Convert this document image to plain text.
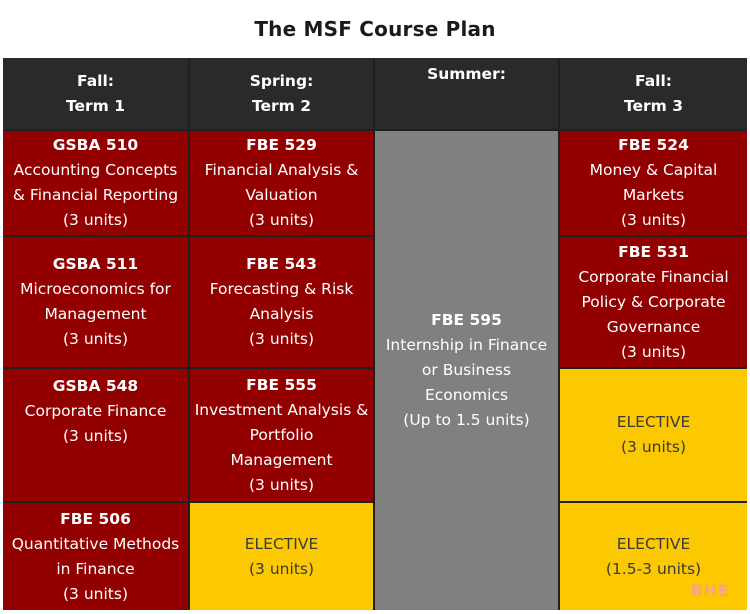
The MSF Course Plan
Fall:
Term 1
Spring:
Term 2
Summer:	Fall:
Term 3
GSBA 510
Accounting Concepts
& Financial Reporting
(3 units)
GSBA 511
Microeconomics for
Management
(3 units)
GSBA 548
Corporate Finance
(3 units)
FBE 506
Quantitative Methods
in Finance
(3 units)
FBE 529
Financial Analysis &
Valuation
(3 units)
FBE 543
Forecasting & Risk
Analysis
(3 units)
FBE 555
Investment Analysis &
Portfolio
Management
(3 units)
ELECTIVE
(3 units)
FBE 595
Internship in Finance
or Business
Economics
(Up to 1.5 units)
FBE 524
Money & Capital
Markets
(3 units)
FBE 531
Corporate Financial
Policy & Corporate
Governance
(3 units)
ELECTIVE
(3 units)
ELECTIVE
(1.5-3 units)
BHE
